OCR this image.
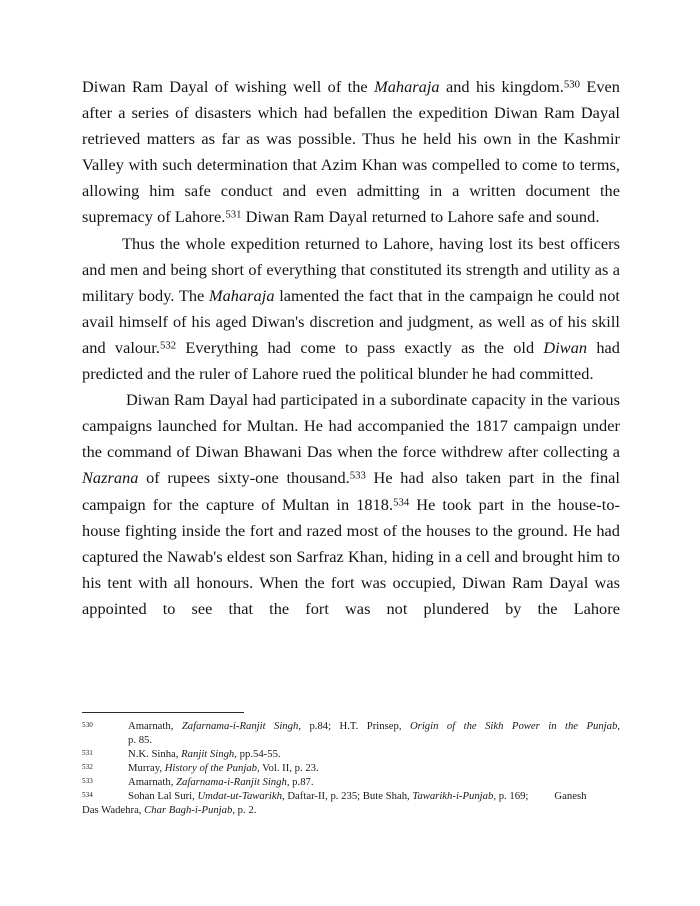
Diwan Ram Dayal of wishing well of the Maharaja and his kingdom.$^{530}$ Even after a series of disasters which had befallen the expedition Diwan Ram Dayal retrieved matters as far as was possible. Thus he held his own in the Kashmir Valley with such determination that Azim Khan was compelled to come to terms, allowing him safe conduct and even admitting in a written document the supremacy of Lahore.$^{531}$ Diwan Ram Dayal returned to Lahore safe and sound.

Thus the whole expedition returned to Lahore, having lost its best officers and men and being short of everything that constituted its strength and utility as a military body. The Maharaja lamented the fact that in the campaign he could not avail himself of his aged Diwan's discretion and judgment, as well as of his skill and valour.$^{532}$ Everything had come to pass exactly as the old Diwan had predicted and the ruler of Lahore rued the political blunder he had committed.

Diwan Ram Dayal had participated in a subordinate capacity in the various campaigns launched for Multan. He had accompanied the 1817 campaign under the command of Diwan Bhawani Das when the force withdrew after collecting a Nazrana of rupees sixty-one thousand.$^{533}$ He had also taken part in the final campaign for the capture of Multan in 1818.$^{534}$ He took part in the house-to-house fighting inside the fort and razed most of the houses to the ground. He had captured the Nawab's eldest son Sarfraz Khan, hiding in a cell and brought him to his tent with all honours. When the fort was occupied, Diwan Ram Dayal was appointed to see that the fort was not plundered by the Lahore

530	Amarnath, Zafarnama-i-Ranjit Singh, p.84; H.T. Prinsep, Origin of the Sikh Power in the Punjab,
p. 85.
531	N.K. Sinha, Ranjit Singh, pp.54-55.
532	Murray, History of the Punjab, Vol. II, p. 23.
533	Amarnath, Zafarnama-i-Ranjit Singh, p.87.
534	Sohan Lal Suri, Umdat-ut-Tawarikh, Daftar-II, p. 235; Bute Shah, Tawarikh-i-Punjab, p. 169; Ganesh
Das Wadehra, Char Bagh-i-Punjab, p. 2.
